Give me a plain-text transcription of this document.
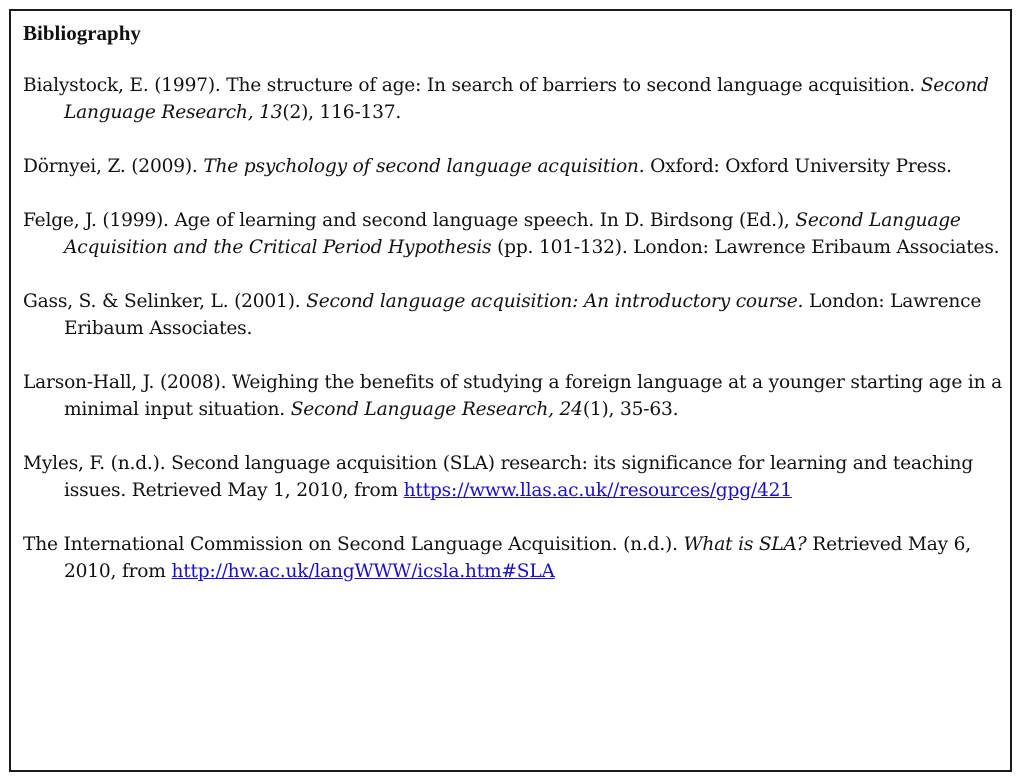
Bibliography

Bialystock, E. (1997). The structure of age: In search of barriers to second language acquisition. Second Language Research, 13(2), 116-137.

Dörnyei, Z. (2009). The psychology of second language acquisition. Oxford: Oxford University Press.

Felge, J. (1999). Age of learning and second language speech. In D. Birdsong (Ed.), Second Language Acquisition and the Critical Period Hypothesis (pp. 101-132). London: Lawrence Eribaum Associates.

Gass, S. & Selinker, L. (2001). Second language acquisition: An introductory course. London: Lawrence Eribaum Associates.

Larson-Hall, J. (2008). Weighing the benefits of studying a foreign language at a younger starting age in a minimal input situation. Second Language Research, 24(1), 35-63.

Myles, F. (n.d.). Second language acquisition (SLA) research: its significance for learning and teaching issues. Retrieved May 1, 2010, from https://www.llas.ac.uk//resources/gpg/421

The International Commission on Second Language Acquisition. (n.d.). What is SLA? Retrieved May 6, 2010, from http://hw.ac.uk/langWWW/icsla.htm#SLA
